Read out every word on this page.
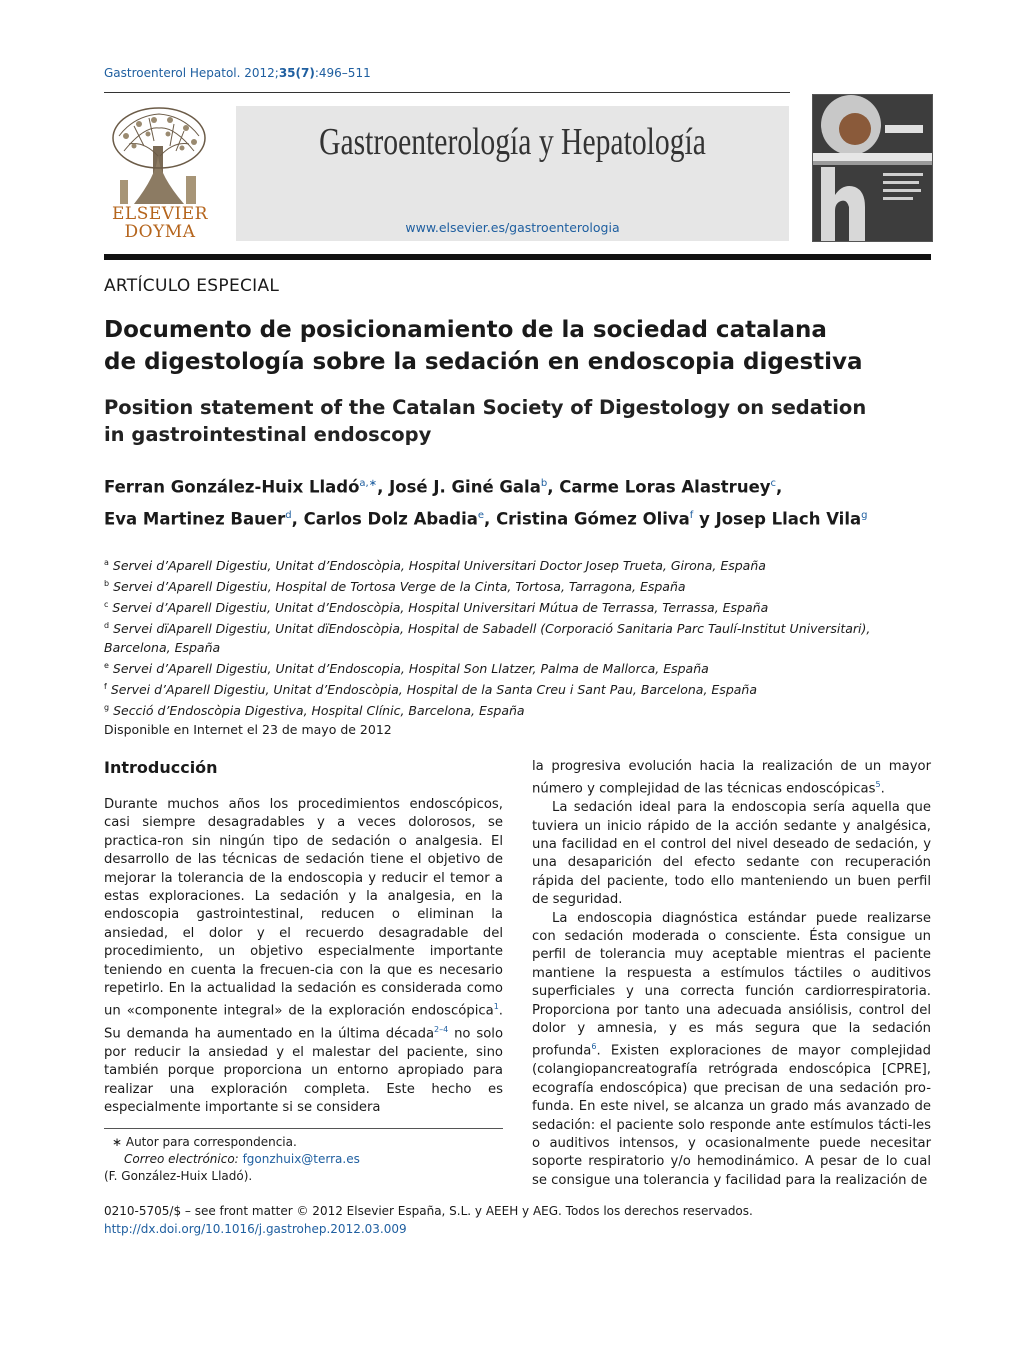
Gastroenterol Hepatol. 2012;35(7):496–511
ELSEVIER
DOYMA
Gastroenterología y Hepatología
www.elsevier.es/gastroenterologia
ARTÍCULO ESPECIAL
Documento de posicionamiento de la sociedad catalana
de digestología sobre la sedación en endoscopia digestiva
Position statement of the Catalan Society of Digestology on sedation
in gastrointestinal endoscopy
Ferran González-Huix Lladó$^{a,∗}$, José J. Giné Gala$^b$, Carme Loras Alastruey$^c$,
Eva Martinez Bauer$^d$, Carlos Dolz Abadia$^e$, Cristina Gómez Oliva$^f$ y Josep Llach Vila$^g$
$^a$ Servei d’Aparell Digestiu, Unitat d’Endoscòpia, Hospital Universitari Doctor Josep Trueta, Girona, España
$^b$ Servei d’Aparell Digestiu, Hospital de Tortosa Verge de la Cinta, Tortosa, Tarragona, España
$^c$ Servei d’Aparell Digestiu, Unitat d’Endoscòpia, Hospital Universitari Mútua de Terrassa, Terrassa, España
$^d$ Servei dïAparell Digestiu, Unitat dïEndoscòpia, Hospital de Sabadell (Corporació Sanitaria Parc Taulí-Institut Universitari),
Barcelona, España
$^e$ Servei d’Aparell Digestiu, Unitat d’Endoscopia, Hospital Son Llatzer, Palma de Mallorca, España
$^f$ Servei d’Aparell Digestiu, Unitat d’Endoscòpia, Hospital de la Santa Creu i Sant Pau, Barcelona, España
$^g$ Secció d’Endoscòpia Digestiva, Hospital Clínic, Barcelona, España
Disponible en Internet el 23 de mayo de 2012
Introducción

Durante muchos años los procedimientos endoscópicos, casi siempre desagradables y a veces dolorosos, se practica-ron sin ningún tipo de sedación o analgesia. El desarrollo de las técnicas de sedación tiene el objetivo de mejorar la tolerancia de la endoscopia y reducir el temor a estas exploraciones. La sedación y la analgesia, en la endoscopia gastrointestinal, reducen o eliminan la ansiedad, el dolor y el recuerdo desagradable del procedimiento, un objetivo especialmente importante teniendo en cuenta la frecuen-cia con la que es necesario repetirlo. En la actualidad la sedación es considerada como un «componente integral» de la exploración endoscópica$^1$. Su demanda ha aumentado en la última década$^{2-4}$ no solo por reducir la ansiedad y el malestar del paciente, sino también porque proporciona un entorno apropiado para realizar una exploración completa. Este hecho es especialmente importante si se considera

la progresiva evolución hacia la realización de un mayor número y complejidad de las técnicas endoscópicas$^5$.

La sedación ideal para la endoscopia sería aquella que tuviera un inicio rápido de la acción sedante y analgésica, una facilidad en el control del nivel deseado de sedación, y una desaparición del efecto sedante con recuperación rápida del paciente, todo ello manteniendo un buen perfil de seguridad.

La endoscopia diagnóstica estándar puede realizarse con sedación moderada o consciente. Ésta consigue un perfil de tolerancia muy aceptable mientras el paciente mantiene la respuesta a estímulos táctiles o auditivos superficiales y una correcta función cardiorrespiratoria. Proporciona por tanto una adecuada ansiólisis, control del dolor y amnesia, y es más segura que la sedación profunda$^6$. Existen exploraciones de mayor complejidad (colangiopancreatografía retrógrada endoscópica [CPRE], ecografía endoscópica) que precisan de una sedación pro-funda. En este nivel, se alcanza un grado más avanzado de sedación: el paciente solo responde ante estímulos tácti-les o auditivos intensos, y ocasionalmente puede necesitar soporte respiratorio y/o hemodinámico. A pesar de lo cual se consigue una tolerancia y facilidad para la realización de

∗ Autor para correspondencia.
Correo electrónico: fgonzhuix@terra.es
(F. González-Huix Lladó).
0210-5705/$ – see front matter © 2012 Elsevier España, S.L. y AEEH y AEG. Todos los derechos reservados.
http://dx.doi.org/10.1016/j.gastrohep.2012.03.009
